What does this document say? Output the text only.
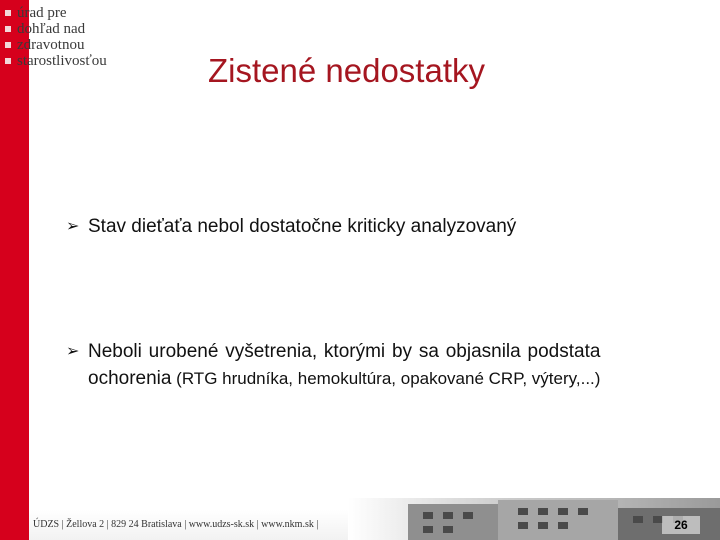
úrad pre
dohľad nad
zdravotnou
starostlivosťou	Zistené nedostatky
➢ Stav dieťaťa nebol dostatočne kriticky analyzovaný
➢ Neboli urobené vyšetrenia, ktorými by sa objasnila podstata
ochorenia (RTG hrudníka, hemokultúra, opakované CRP, výtery,...)
ÚDZS | Žellova 2 | 829 24 Bratislava | www.udzs-sk.sk | www.nkm.sk |	26
